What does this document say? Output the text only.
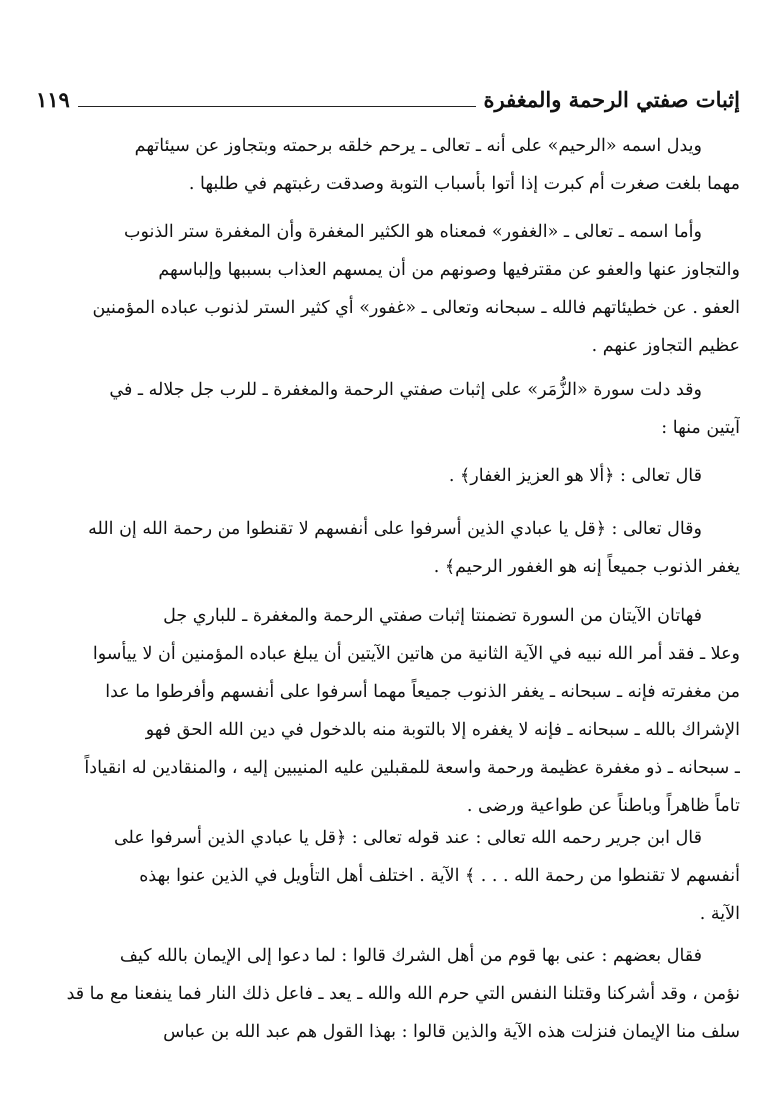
إثبات صفتي الرحمة والمغفرة
١١٩
ويدل اسمه «الرحيم» على أنه ـ تعالى ـ يرحم خلقه برحمته وبتجاوز عن سيئاتهم
مهما بلغت صغرت أم كبرت إذا أتوا بأسباب التوبة وصدقت رغبتهم في طلبها .
وأما اسمه ـ تعالى ـ «الغفور» فمعناه هو الكثير المغفرة وأن المغفرة ستر الذنوب
والتجاوز عنها والعفو عن مقترفيها وصونهم من أن يمسهم العذاب بسببها وإلباسهم
العفو . عن خطيئاتهم فالله ـ سبحانه وتعالى ـ «غفور» أي كثير الستر لذنوب عباده المؤمنين
عظيم التجاوز عنهم .
وقد دلت سورة «الزُّمَر» على إثبات صفتي الرحمة والمغفرة ـ للرب جل جلاله ـ في
آيتين منها :
قال تعالى : ﴿ألا هو العزيز الغفار﴾ .
وقال تعالى : ﴿قل يا عبادي الذين أسرفوا على أنفسهم لا تقنطوا من رحمة الله إن الله
يغفر الذنوب جميعاً إنه هو الغفور الرحيم﴾ .
فهاتان الآيتان من السورة تضمنتا إثبات صفتي الرحمة والمغفرة ـ للباري جل
وعلا ـ فقد أمر الله نبيه في الآية الثانية من هاتين الآيتين أن يبلغ عباده المؤمنين أن لا ييأسوا
من مغفرته فإنه ـ سبحانه ـ يغفر الذنوب جميعاً مهما أسرفوا على أنفسهم وأفرطوا ما عدا
الإشراك بالله ـ سبحانه ـ فإنه لا يغفره إلا بالتوبة منه بالدخول في دين الله الحق فهو
ـ سبحانه ـ ذو مغفرة عظيمة ورحمة واسعة للمقبلين عليه المنيبين إليه ، والمنقادين له انقياداً
تاماً ظاهراً وباطناً عن طواعية ورضى .
قال ابن جرير رحمه الله تعالى : عند قوله تعالى : ﴿قل يا عبادي الذين أسرفوا على
أنفسهم لا تقنطوا من رحمة الله . . . ﴾ الآية . اختلف أهل التأويل في الذين عنوا بهذه
الآية .
فقال بعضهم : عنى بها قوم من أهل الشرك قالوا : لما دعوا إلى الإيمان بالله كيف
نؤمن ، وقد أشركنا وقتلنا النفس التي حرم الله والله ـ يعد ـ فاعل ذلك النار فما ينفعنا مع ما قد
سلف منا الإيمان فنزلت هذه الآية والذين قالوا : بهذا القول هم عبد الله بن عباس
